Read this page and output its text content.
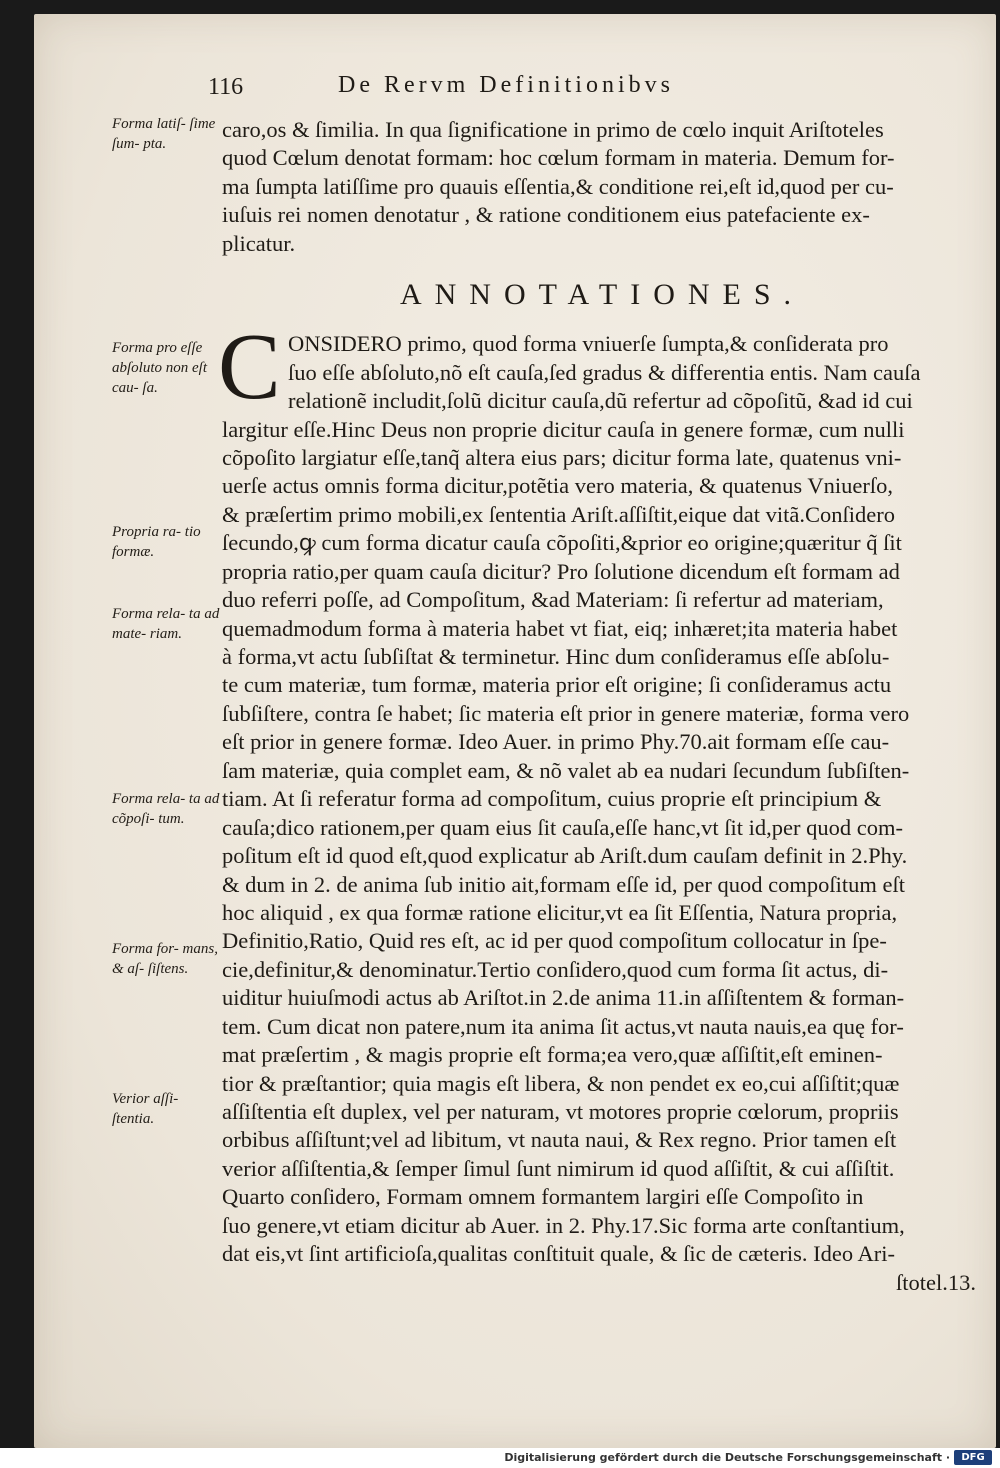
116	De Rervm Definitionibvs
Forma latiſ- ſime ſum- pta.
Forma pro eſſe abſoluto non eſt cau- ſa.
Propria ra- tio formæ.
Forma rela- ta ad mate- riam.
Forma rela- ta ad cõpoſi- tum.
Forma for- mans, & aſ- ſiſtens.
Verior aſſi- ſtentia.
caro,os & ſimilia. In qua ſignificatione in primo de cœlo inquit Ariſtoteles
quod Cœlum denotat formam: hoc cœlum formam in materia. Demum for-
ma ſumpta latiſſime pro quauis eſſentia,& conditione rei,eſt id,quod per cu-
iuſuis rei nomen denotatur , & ratione conditionem eius patefaciente ex-
plicatur.
ANNOTATIONES.
C ONSIDERO primo, quod forma vniuerſe ſumpta,& conſiderata pro
ſuo eſſe abſoluto,nõ eſt cauſa,ſed gradus & differentia entis. Nam cauſa
relationẽ includit,ſolũ dicitur cauſa,dũ refertur ad cõpoſitũ, &ad id cui
largitur eſſe.Hinc Deus non proprie dicitur cauſa in genere formæ, cum nulli
cõpoſito largiatur eſſe,tanq̃ altera eius pars; dicitur forma late, quatenus vni-
uerſe actus omnis forma dicitur,potẽtia vero materia, & quatenus Vniuerſo,
& præſertim primo mobili,ex ſententia Ariſt.aſſiſtit,eique dat vitã.Conſidero
ſecundo,ꝙ cum forma dicatur cauſa cõpoſiti,&prior eo origine;quæritur q̃ ſit
propria ratio,per quam cauſa dicitur? Pro ſolutione dicendum eſt formam ad
duo referri poſſe, ad Compoſitum, &ad Materiam: ſi refertur ad materiam,
quemadmodum forma à materia habet vt fiat, eiq; inhæret;ita materia habet
à forma,vt actu ſubſiſtat & terminetur. Hinc dum conſideramus eſſe abſolu-
te cum materiæ, tum formæ, materia prior eſt origine; ſi conſideramus actu
ſubſiſtere, contra ſe habet; ſic materia eſt prior in genere materiæ, forma vero
eſt prior in genere formæ. Ideo Auer. in primo Phy.70.ait formam eſſe cau-
ſam materiæ, quia complet eam, & nõ valet ab ea nudari ſecundum ſubſiſten-
tiam. At ſi referatur forma ad compoſitum, cuius proprie eſt principium &
cauſa;dico rationem,per quam eius ſit cauſa,eſſe hanc,vt ſit id,per quod com-
poſitum eſt id quod eſt,quod explicatur ab Ariſt.dum cauſam definit in 2.Phy.
& dum in 2. de anima ſub initio ait,formam eſſe id, per quod compoſitum eſt
hoc aliquid , ex qua formæ ratione elicitur,vt ea ſit Eſſentia, Natura propria,
Definitio,Ratio, Quid res eſt, ac id per quod compoſitum collocatur in ſpe-
cie,definitur,& denominatur.Tertio conſidero,quod cum forma ſit actus, di-
uiditur huiuſmodi actus ab Ariſtot.in 2.de anima 11.in aſſiſtentem & forman-
tem. Cum dicat non patere,num ita anima ſit actus,vt nauta nauis,ea quę for-
mat præſertim , & magis proprie eſt forma;ea vero,quæ aſſiſtit,eſt eminen-
tior & præſtantior; quia magis eſt libera, & non pendet ex eo,cui aſſiſtit;quæ
aſſiſtentia eſt duplex, vel per naturam, vt motores proprie cœlorum, propriis
orbibus aſſiſtunt;vel ad libitum, vt nauta naui, & Rex regno. Prior tamen eſt
verior aſſiſtentia,& ſemper ſimul ſunt nimirum id quod aſſiſtit, & cui aſſiſtit.
Quarto conſidero, Formam omnem formantem largiri eſſe Compoſito in
ſuo genere,vt etiam dicitur ab Auer. in 2. Phy.17.Sic forma arte conſtantium,
dat eis,vt ſint artificioſa,qualitas conſtituit quale, & ſic de cæteris. Ideo Ari-
ſtotel.13.
Digitalisierung gefördert durch die Deutsche Forschungsgemeinschaft ·	DFG
